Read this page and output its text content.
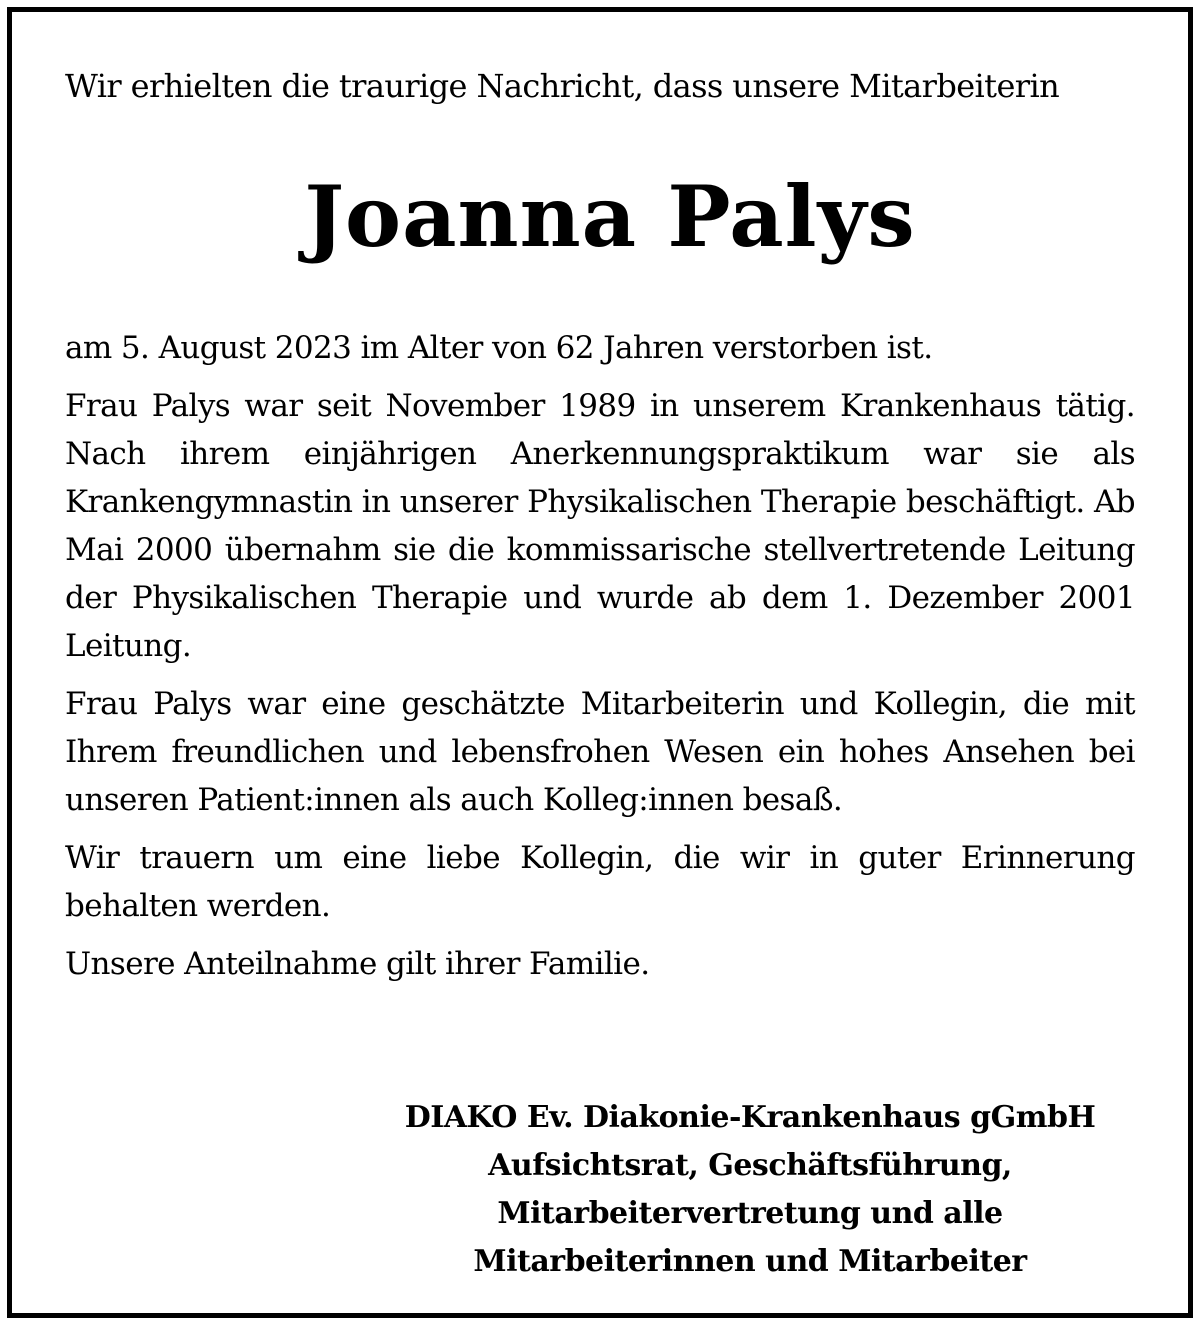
Wir erhielten die traurige Nachricht, dass unsere Mitarbeiterin

Joanna Palys

am 5. August 2023 im Alter von 62 Jahren verstorben ist.

Frau Palys war seit November 1989 in unserem Krankenhaus tätig. Nach ihrem einjährigen Anerkennungspraktikum war sie als Krankengymnastin in unserer Physikalischen Therapie beschäftigt. Ab Mai 2000 übernahm sie die kommissarische stellvertretende Leitung der Physikalischen Therapie und wurde ab dem 1. Dezember 2001 Leitung.

Frau Palys war eine geschätzte Mitarbeiterin und Kollegin, die mit Ihrem freundlichen und lebensfrohen Wesen ein hohes Ansehen bei unseren Patient:innen als auch Kolleg:innen besaß.

Wir trauern um eine liebe Kollegin, die wir in guter Erinnerung behalten werden.

Unsere Anteilnahme gilt ihrer Familie.

DIAKO Ev. Diakonie-Krankenhaus gGmbH
Aufsichtsrat, Geschäftsführung,
Mitarbeitervertretung und alle
Mitarbeiterinnen und Mitarbeiter
